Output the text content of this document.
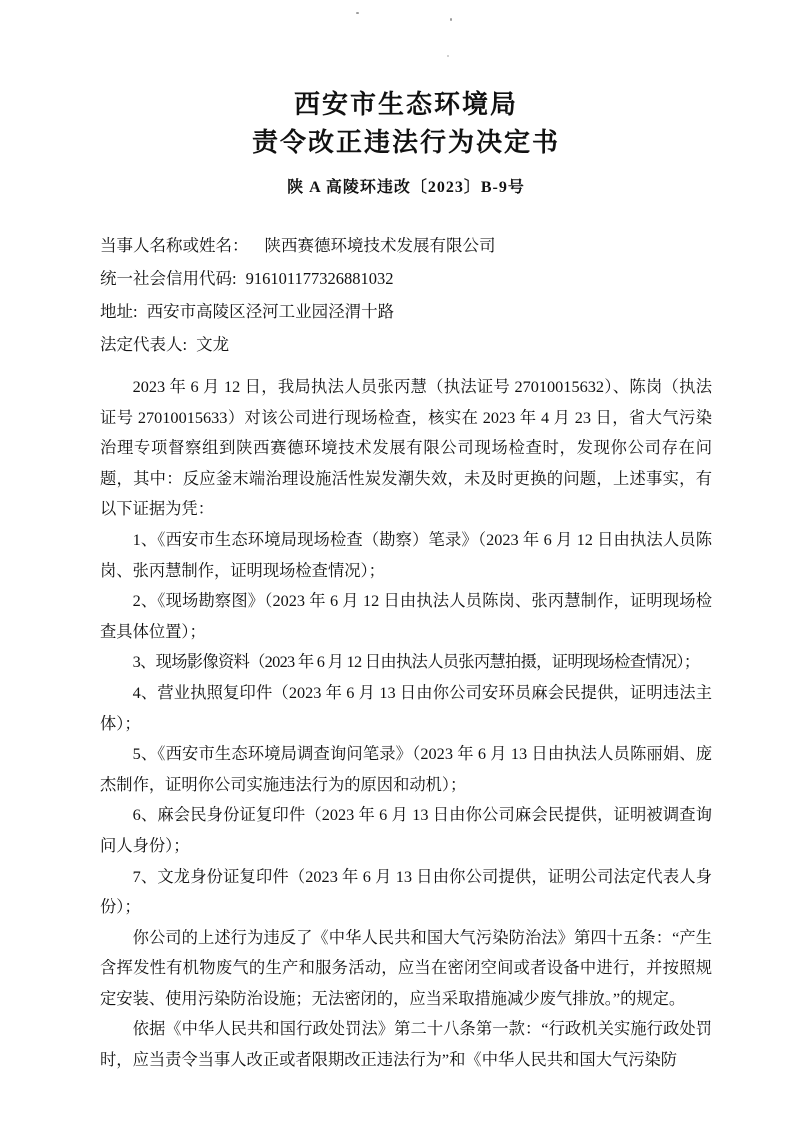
西安市生态环境局
责令改正违法行为决定书
陕 A 高陵环违改〔2023〕B-9号
当事人名称或姓名： 陕西赛德环境技术发展有限公司
统一社会信用代码: 916101177326881032
地址: 西安市高陵区泾河工业园泾渭十路
法定代表人: 文龙

2023 年 6 月 12 日，我局执法人员张丙慧（执法证号 27010015632）、陈岗（执法证号 27010015633）对该公司进行现场检查，核实在 2023 年 4 月 23 日，省大气污染治理专项督察组到陕西赛德环境技术发展有限公司现场检查时，发现你公司存在问题，其中：反应釜末端治理设施活性炭发潮失效，未及时更换的问题，上述事实，有以下证据为凭：

1、《西安市生态环境局现场检查（勘察）笔录》（2023 年 6 月 12 日由执法人员陈岗、张丙慧制作，证明现场检查情况）；

2、《现场勘察图》（2023 年 6 月 12 日由执法人员陈岗、张丙慧制作，证明现场检查具体位置）；

3、现场影像资料（2023 年 6 月 12 日由执法人员张丙慧拍摄，证明现场检查情况）；

4、营业执照复印件（2023 年 6 月 13 日由你公司安环员麻会民提供，证明违法主体）；

5、《西安市生态环境局调查询问笔录》（2023 年 6 月 13 日由执法人员陈丽娟、庞杰制作，证明你公司实施违法行为的原因和动机）；

6、麻会民身份证复印件（2023 年 6 月 13 日由你公司麻会民提供，证明被调查询问人身份）；

7、文龙身份证复印件（2023 年 6 月 13 日由你公司提供，证明公司法定代表人身份）；

你公司的上述行为违反了《中华人民共和国大气污染防治法》第四十五条：“产生含挥发性有机物废气的生产和服务活动，应当在密闭空间或者设备中进行，并按照规定安装、使用污染防治设施；无法密闭的，应当采取措施减少废气排放。”的规定。

依据《中华人民共和国行政处罚法》第二十八条第一款：“行政机关实施行政处罚时，应当责令当事人改正或者限期改正违法行为”和《中华人民共和国大气污染防
